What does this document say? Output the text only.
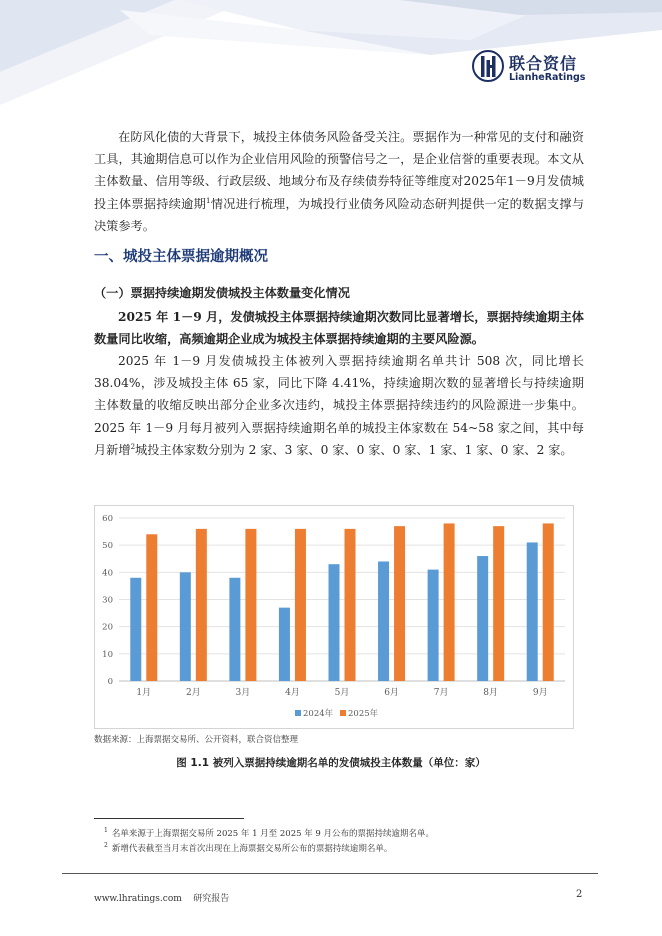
联合资信
LianheRatings

在防风化债的大背景下，城投主体债务风险备受关注。票据作为一种常见的支付和融资工具，其逾期信息可以作为企业信用风险的预警信号之一，是企业信誉的重要表现。本文从主体数量、信用等级、行政层级、地域分布及存续债券特征等维度对2025年1－9月发债城投主体票据持续逾期$^1$情况进行梳理，为城投行业债务风险动态研判提供一定的数据支撑与决策参考。

一、城投主体票据逾期概况
（一）票据持续逾期发债城投主体数量变化情况

2025 年 1－9 月，发债城投主体票据持续逾期次数同比显著增长，票据持续逾期主体数量同比收缩，高频逾期企业成为城投主体票据持续逾期的主要风险源。

2025 年 1－9 月发债城投主体被列入票据持续逾期名单共计 508 次，同比增长 38.04%，涉及城投主体 65 家，同比下降 4.41%，持续逾期次数的显著增长与持续逾期主体数量的收缩反映出部分企业多次违约，城投主体票据持续违约的风险源进一步集中。2025 年 1－9 月每月被列入票据持续逾期名单的城投主体家数在 54~58 家之间，其中每月新增$^2$城投主体家数分别为 2 家、3 家、0 家、0 家、0 家、1 家、1 家、0 家、2 家。

0
10
20
30
40
50
60
1月	2月	3月	4月	5月	6月	7月	8月	9月
2024年 2025年

数据来源：上海票据交易所、公开资料，联合资信整理

图 1.1 被列入票据持续逾期名单的发债城投主体数量（单位：家）

$^1$ 名单来源于上海票据交易所 2025 年 1 月至 2025 年 9 月公布的票据持续逾期名单。

$^2$ 新增代表截至当月末首次出现在上海票据交易所公布的票据持续逾期名单。

www.lhratings.com 研究报告	2
